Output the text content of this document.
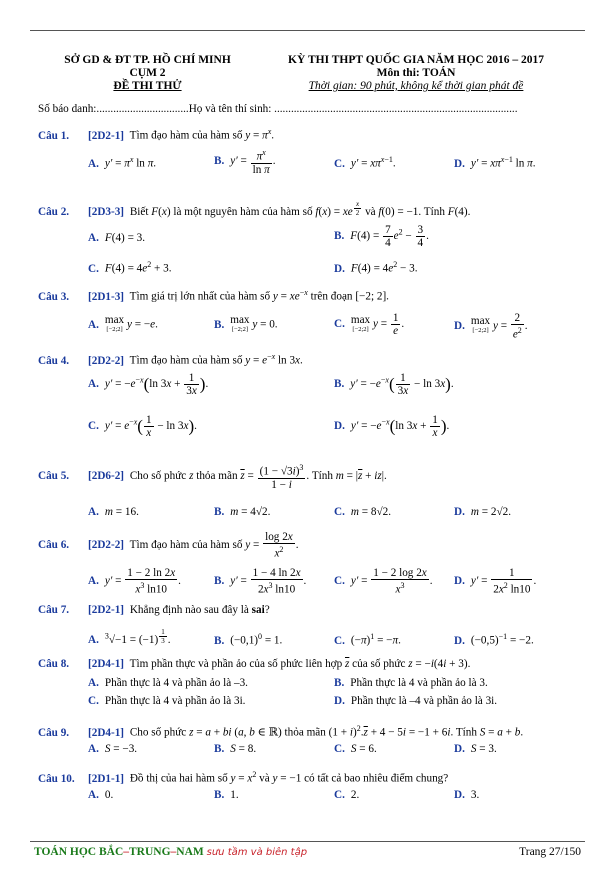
SỞ GD & ĐT TP. HỒ CHÍ MINH
CỤM 2
ĐỀ THI THỬ
KỲ THI THPT QUỐC GIA NĂM HỌC 2016 – 2017
Môn thi: TOÁN
Thời gian: 90 phút, không kể thời gian phát đề
Số báo danh:.................................Họ và tên thí sinh: .......................................................................................
Câu 1. [2D2-1] Tìm đạo hàm của hàm số $y = \pi^x$.
A. $y' = \pi^x$ ln π.	B. $y' = \frac{\pi^x}{\text{ln π}}$ .	C. $y' = x\pi^{x-1}$.	D. $y' = x\pi^{x-1}$ ln π.
Câu 2. [2D3-3] Biết F(x) là một nguyên hàm của hàm số f(x) = xe $^{\frac{x}{2}}$ và f(0) = −1. Tính F(4).
A. F(4) = 3.	B. $F(4) = \frac{7}{4} e^2 - \frac{3}{4}$ .
C. $F(4) = 4e^2 + 3$.	D. $F(4) = 4e^2 - 3$.
Câu 3. [2D1-3] Tìm giá trị lớn nhất của hàm số $y = xe^{-x}$ trên đoạn [−2; 2].
A. max
[−2;2] y = −e.	B. max
[−2;2] y = 0.	C. max
[−2;2] $y = \frac{1}{e}$ .	D. max
[−2;2] $y = \frac{2}{e^2}$ .
Câu 4. [2D2-2] Tìm đạo hàm của hàm số $y = e^{-x}$ ln 3x.
A. $y' = -e^{-x}(\ln$ $3x + \frac{1}{3x}$ ).	B. $y' = -e^{-x}( \frac{1}{3x} - \ln 3x)$.
C. $y' = e^{-x}( \frac{1}{x} - \ln 3x)$.	D. $y' = -e^{-x}(\ln$ $3x + \frac{1}{x}$ ).
Câu 5. [2D6-2] Cho số phức z thỏa mãn $\overline{z} = \frac{(1 - √3i)^3}{1 - i}$ . Tính $m = |\overline{z} + iz|$.
A. m = 16.	B. m = 4√2.	C. m = 8√2.	D. m = 2√2.
Câu 6. [2D2-2] Tìm đạo hàm của hàm số $y = \frac{\log 2x}{x^2}$ .
A. $y' = \frac{1 - 2 \ln 2x}{x^3 \ln 10}$ .	B. $y' = \frac{1 - 4 \ln 2x}{2x^3 \ln 10}$ . C. $y' = \frac{1 - 2 \log 2x}{x^3}$ . D. $y' = \frac{1}{2x^2 \ln 10}$ .
Câu 7. [2D2-1] Khẳng định nào sau đây là sai?
A. $^3$√−1 = (−1) $^{\frac{1}{3}}$ .	B. $(-0,1)^0 = 1$.	C. $(-\pi)^1 = -\pi$.	D. $(-0,5)^{-1} = -2$.
Câu 8. [2D4-1] Tìm phần thực và phần ảo của số phức liên hợp $\overline{z}$ của số phức z = −i(4i + 3).
A. Phần thực là 4 và phần ảo là –3.	B. Phần thực là 4 và phần ảo là 3.
C. Phần thực là 4 và phần ảo là 3i.	D. Phần thực là –4 và phần ảo là 3i.
Câu 9. [2D4-1] Cho số phức z = a + bi (a, b ∈ ℝ) thỏa mãn $(1 + i)^2.\overline{z} + 4 - 5i = -1 + 6i$. Tính S = a + b.
A. S = −3.	B. S = 8.	C. S = 6.	D. S = 3.
Câu 10. [2D1-1] Đồ thị của hai hàm số $y = x^2$ và y = −1 có tất cả bao nhiêu điểm chung?
A. 0.	B. 1.	C. 2.	D. 3.
TOÁN HỌC BẮC–TRUNG–NAM sưu tầm và biên tập	Trang 27/150
